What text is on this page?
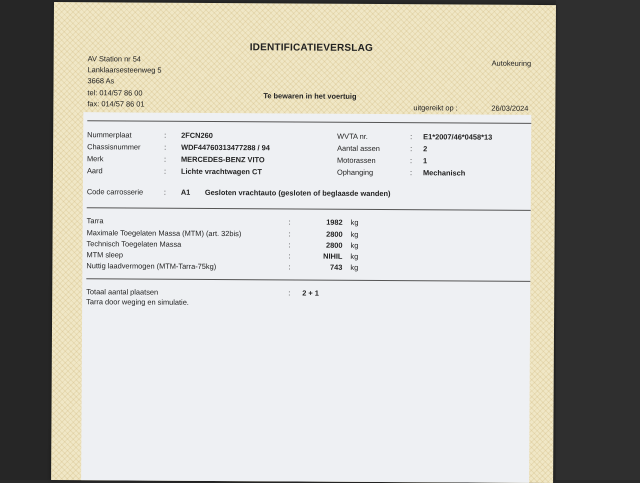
IDENTIFICATIEVERSLAG
AV Station nr 54
Lanklaarsesteenweg 5
3668 As
tel: 014/57 86 00
fax: 014/57 86 01
Autokeuring
Te bewaren in het voertuig
uitgereikt op :	26/03/2024
Nummerplaat	: 2FCN260
Chassisnummer	: WDF44760313477288 / 94
Merk	: MERCEDES-BENZ VITO
Aard	: Lichte vrachtwagen CT
WVTA nr.	: E1*2007/46*0458*13
Aantal assen	: 2
Motorassen	: 1
Ophanging	: Mechanisch
Code carrosserie	: A1 Gesloten vrachtauto (gesloten of beglaasde wanden)
Tarra	:	1982 kg
Maximale Toegelaten Massa (MTM) (art. 32bis)	:	2800 kg
Technisch Toegelaten Massa	:	2800 kg
MTM sleep	:	NIHIL kg
Nuttig laadvermogen (MTM-Tarra-75kg)	:	743 kg
Totaal aantal plaatsen	: 2 + 1
Tarra door weging en simulatie.
